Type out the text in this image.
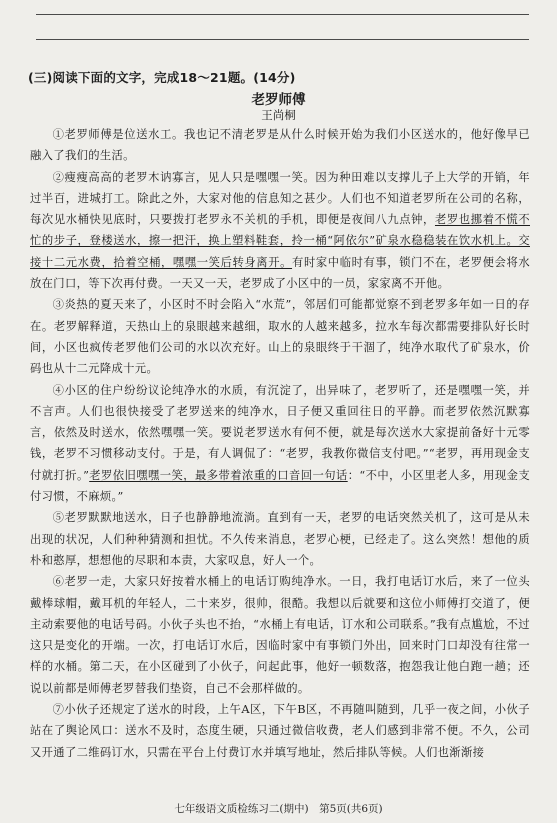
(三)阅读下面的文字，完成18～21题。(14分)
老罗师傅
王尚桐

①老罗师傅是位送水工。我也记不清老罗是从什么时候开始为我们小区送水的，他好像早已融入了我们的生活。

②瘦瘦高高的老罗木讷寡言，见人只是嘿嘿一笑。因为种田难以支撑儿子上大学的开销，年过半百，进城打工。除此之外，大家对他的信息知之甚少。人们也不知道老罗所在公司的名称，每次见水桶快见底时，只要拨打老罗永不关机的手机，即便是夜间八九点钟，老罗也挪着不慌不忙的步子，登楼送水，擦一把汗，换上塑料鞋套，拎一桶“阿依尔”矿泉水稳稳装在饮水机上。交接十二元水费，拾着空桶，嘿嘿一笑后转身离开。有时家中临时有事，锁门不在，老罗便会将水放在门口，等下次再付费。一天又一天，老罗成了小区中的一员，家家离不开他。

③炎热的夏天来了，小区时不时会陷入“水荒”，邻居们可能都觉察不到老罗多年如一日的存在。老罗解释道，天热山上的泉眼越来越细，取水的人越来越多，拉水车每次都需要排队好长时间，小区也疯传老罗他们公司的水以次充好。山上的泉眼终于干涸了，纯净水取代了矿泉水，价码也从十二元降成十元。

④小区的住户纷纷议论纯净水的水质，有沉淀了，出异味了，老罗听了，还是嘿嘿一笑，并不言声。人们也很快接受了老罗送来的纯净水，日子便又重回往日的平静。而老罗依然沉默寡言，依然及时送水，依然嘿嘿一笑。要说老罗送水有何不便，就是每次送水大家提前备好十元零钱，老罗不习惯移动支付。于是，有人调侃了：“老罗，我教你微信支付吧。”“老罗，再用现金支付就打折。”老罗依旧嘿嘿一笑，最多带着浓重的口音回一句话：“不中，小区里老人多，用现金支付习惯，不麻烦。”

⑤老罗默默地送水，日子也静静地流淌。直到有一天，老罗的电话突然关机了，这可是从未出现的状况，人们种种猜测和担忧。不久传来消息，老罗心梗，已经走了。这么突然！想他的质朴和憨厚，想想他的尽职和本责，大家叹息，好人一个。

⑥老罗一走，大家只好按着水桶上的电话订购纯净水。一日，我打电话订水后，来了一位头戴棒球帽，戴耳机的年轻人，二十来岁，很帅，很酷。我想以后就要和这位小师傅打交道了，便主动索要他的电话号码。小伙子头也不抬，“水桶上有电话，订水和公司联系。”我有点尴尬，不过这只是变化的开端。一次，打电话订水后，因临时家中有事锁门外出，回来时门口却没有往常一样的水桶。第二天，在小区碰到了小伙子，问起此事，他好一顿数落，抱怨我让他白跑一趟；还说以前都是师傅老罗替我们垫资，自己不会那样做的。

⑦小伙子还规定了送水的时段，上午A区，下午B区，不再随叫随到，几乎一夜之间，小伙子站在了舆论风口：送水不及时，态度生硬，只通过微信收费，老人们感到非常不便。不久，公司又开通了二维码订水，只需在平台上付费订水并填写地址，然后排队等候。人们也渐渐接

七年级语文质检练习二(期中)　第5页(共6页)
